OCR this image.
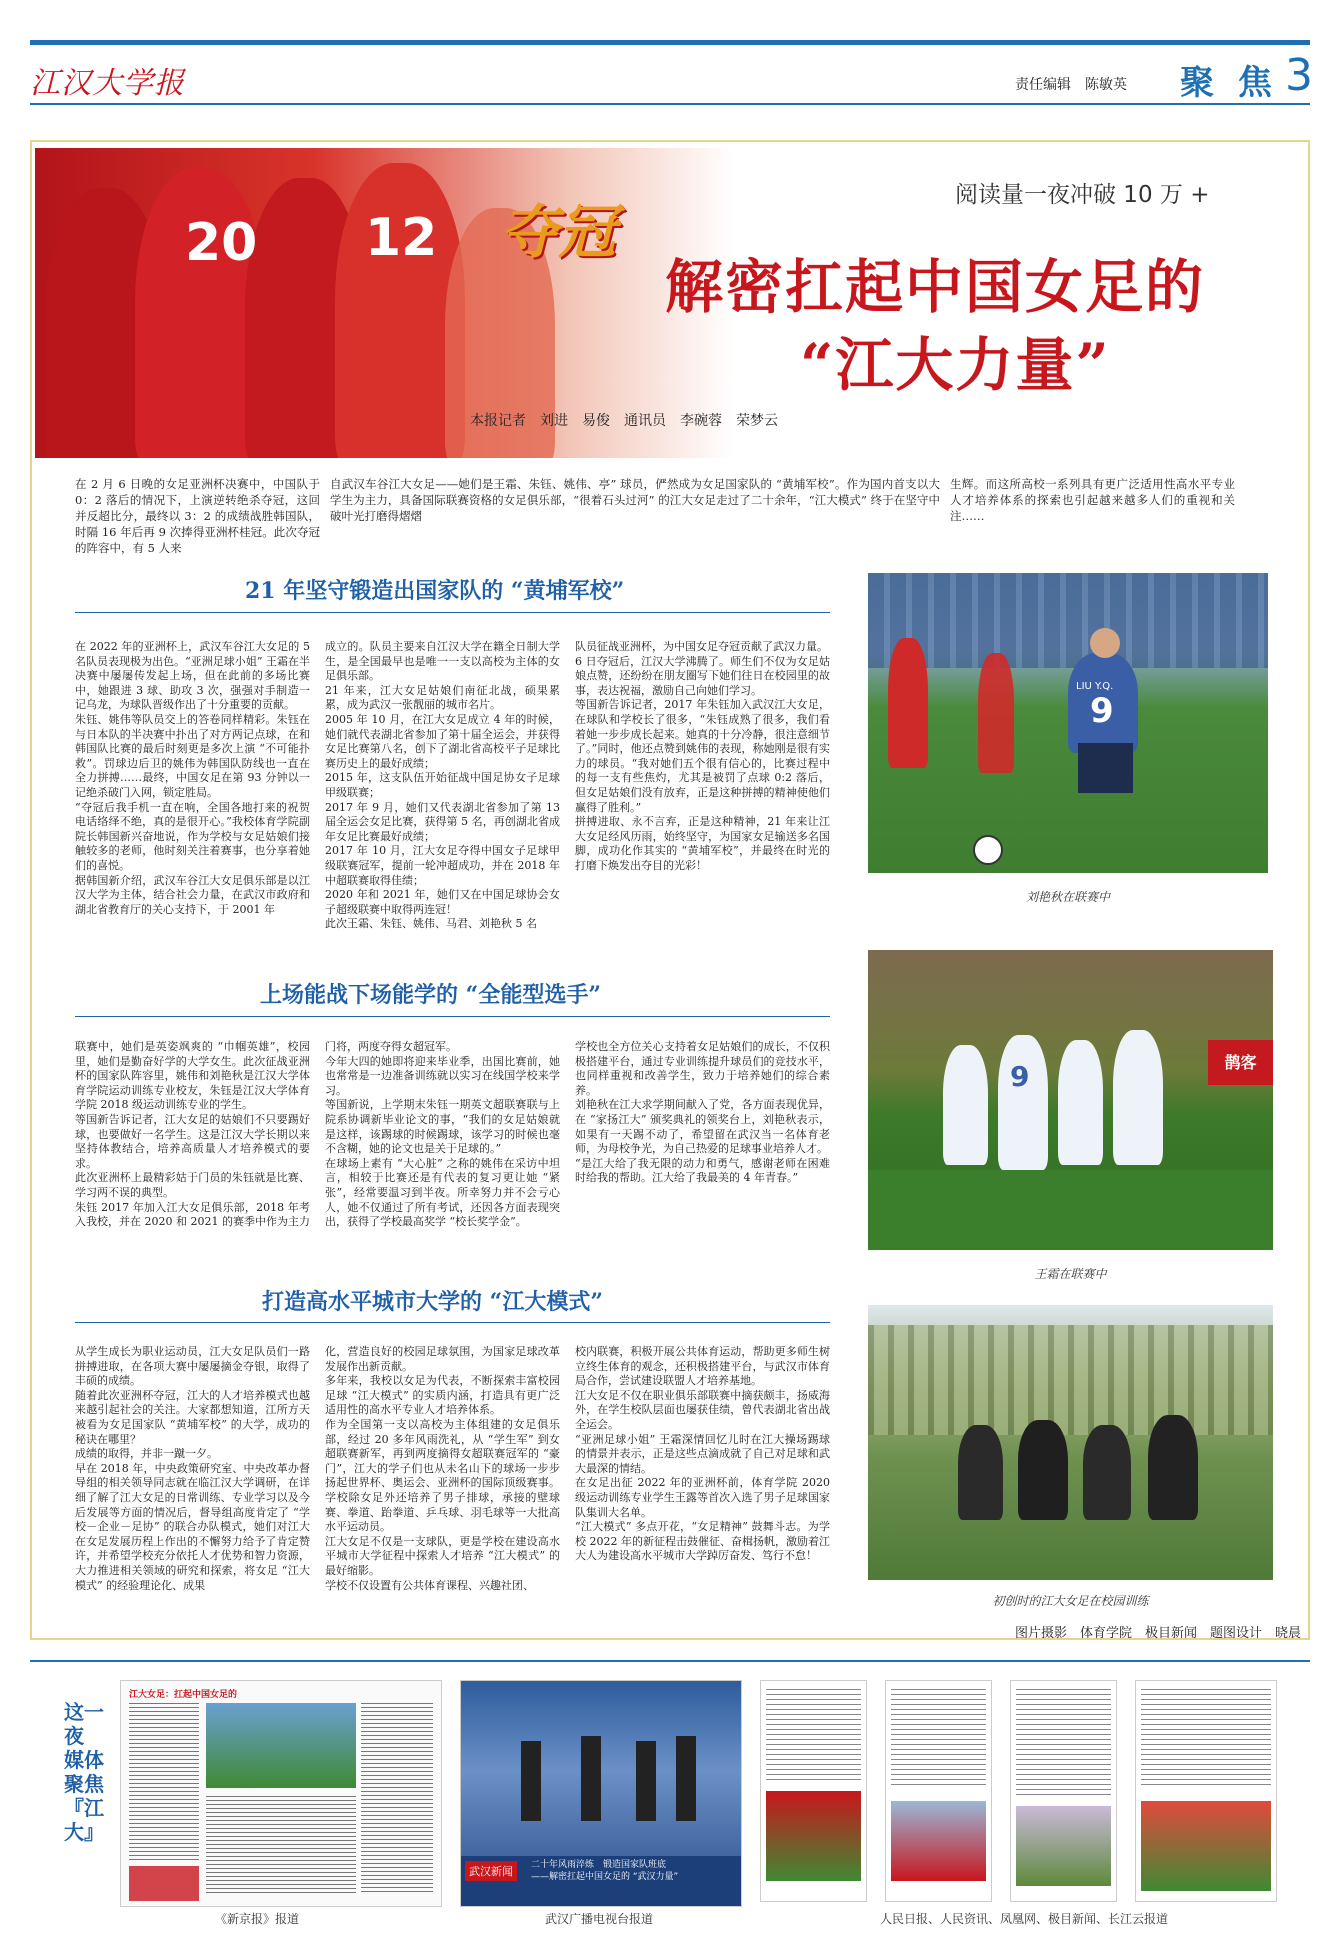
江汉大学报	责任编辑　陈敏英 聚 焦 3
20 12 夺冠
阅读量一夜冲破 10 万 +
解密扛起中国女足的
“江大力量”
本报记者　刘进　易俊　通讯员　李碗蓉　荣梦云
在 2 月 6 日晚的女足亚洲杯决赛中，中国队于 0：2 落后的情况下，上演逆转绝杀夺冠，这回并反超比分，最终以 3：2 的成绩战胜韩国队，时隔 16 年后再 9 次捧得亚洲杯桂冠。此次夺冠的阵容中，有 5 人来
自武汉车谷江大女足——她们是王霜、朱钰、姚伟、亭” 球员，俨然成为女足国家队的 “黄埔军校”。作为国内首支以大学生为主力，具备国际联赛资格的女足俱乐部，“很着石头过河” 的江大女足走过了二十余年，“江大模式” 终于在坚守中破叶光打磨得熠熠
生辉。而这所高校一系列具有更广泛适用性高水平专业人才培养体系的探索也引起越来越多人们的重视和关注……
21 年坚守锻造出国家队的 “黄埔军校”
在 2022 年的亚洲杯上，武汉车谷江大女足的 5 名队员表现极为出色。“亚洲足球小姐” 王霜在半决赛中屡屡传发起上场，但在此前的多场比赛中，她跟进 3 球、助攻 3 次，强强对手制造一记乌龙，为球队晋级作出了十分重要的贡献。
朱钰、姚伟等队员交上的答卷同样精彩。朱钰在与日本队的半决赛中扑出了对方两记点球，在和韩国队比赛的最后时刻更是多次上演 “不可能扑救”。罚球边后卫的姚伟为韩国队防线也一直在全力拼搏……最终，中国女足在第 93 分钟以一记绝杀破门入网，锁定胜局。
“夺冠后我手机一直在响，全国各地打来的祝贺电话络绎不绝，真的是很开心。”我校体育学院副院长韩国新兴奋地说，作为学校与女足姑娘们接触较多的老师，他时刻关注着赛事，也分享着她们的喜悦。
据韩国新介绍，武汉车谷江大女足俱乐部是以江汉大学为主体，结合社会力量，在武汉市政府和湖北省教育厅的关心支持下，于 2001 年
成立的。队员主要来自江汉大学在籍全日制大学生，是全国最早也是唯一一支以高校为主体的女足俱乐部。
21 年来，江大女足姑娘们南征北战，硕果累累，成为武汉一张靓丽的城市名片。
2005 年 10 月，在江大女足成立 4 年的时候，她们就代表湖北省参加了第十届全运会，并获得女足比赛第八名，创下了湖北省高校平子足球比赛历史上的最好成绩；
2015 年，这支队伍开始征战中国足协女子足球甲级联赛；
2017 年 9 月，她们又代表湖北省参加了第 13 届全运会女足比赛，获得第 5 名，再创湖北省成年女足比赛最好成绩；
2017 年 10 月，江大女足夺得中国女子足球甲级联赛冠军，提前一轮冲超成功，并在 2018 年中超联赛取得佳绩；
2020 年和 2021 年，她们又在中国足球协会女子超级联赛中取得两连冠！
此次王霜、朱钰、姚伟、马君、刘艳秋 5 名
队员征战亚洲杯，为中国女足夺冠贡献了武汉力量。
6 日夺冠后，江汉大学沸腾了。师生们不仅为女足姑娘点赞，还纷纷在朋友圈写下她们往日在校园里的故事，表达祝福，激励自己向她们学习。
等国新告诉记者，2017 年朱钰加入武汉江大女足，在球队和学校长了很多，“朱钰成熟了很多，我们看着她一步步成长起来。她真的十分冷静，很注意细节了。”同时，他还点赞到姚伟的表现，称她刚是很有实力的球员。“我对她们五个很有信心的，比赛过程中的每一支有些焦灼，尤其是被罚了点球 0:2 落后，但女足姑娘们没有放弃，正是这种拼搏的精神使他们赢得了胜利。”
拼搏进取、永不言弃，正是这种精神，21 年来让江大女足经风历雨，始终坚守，为国家女足输送多名国脚，成功化作其实的 “黄埔军校”，并最终在时光的打磨下焕发出夺目的光彩！
LIU Y.Q.
9
刘艳秋在联赛中
上场能战下场能学的 “全能型选手”
联赛中，她们是英姿飒爽的 “巾帼英雄”，校园里，她们是勤奋好学的大学女生。此次征战亚洲杯的国家队阵容里，姚伟和刘艳秋是江汉大学体育学院运动训练专业校友，朱钰是江汉大学体育学院 2018 级运动训练专业的学生。
等国新告诉记者，江大女足的姑娘们不只要踢好球，也要做好一名学生。这是江汉大学长期以来坚持体教结合，培养高质量人才培养模式的要求。
此次亚洲杯上最精彩姑于门员的朱钰就是比赛、学习两不误的典型。
朱钰 2017 年加入江大女足俱乐部，2018 年考入我校，并在 2020 和 2021 的赛季中作为主力
门将，两度夺得女超冠军。
今年大四的她即将迎来毕业季，出国比赛前，她也常常是一边准备训练就以实习在线国学校来学习。
等国新说，上学期末朱钰一期英文超联赛联与上院系协调新毕业论文的事，“我们的女足姑娘就是这样，该踢球的时候踢球，该学习的时候也毫不含糊，她的论文也是关于足球的。”
在球场上素有 “大心脏” 之称的姚伟在采访中坦言，相较于比赛还是有代表的复习更让她 “紧张”，经常要温习到半夜。所幸努力并不会亏心人，她不仅通过了所有考试，还因各方面表现突出，获得了学校最高奖学 “校长奖学金”。
学校也全方位关心支持着女足姑娘们的成长，不仅积极搭建平台，通过专业训练提升球员们的竞技水平，也同样重视和改善学生，致力于培养她们的综合素养。
刘艳秋在江大求学期间献入了党，各方面表现优异，在 “家扬江大” 颁奖典礼的领奖台上，刘艳秋表示，如果有一天踢不动了，希望留在武汉当一名体育老师，为母校争光，为自己热爱的足球事业培养人才。
“是江大给了我无限的动力和勇气，感谢老师在困难时给我的帮助。江大给了我最美的 4 年青春。”
鹊客
9
王霜在联赛中
打造高水平城市大学的 “江大模式”
从学生成长为职业运动员，江大女足队员们一路拼搏进取，在各项大赛中屡屡摘金夺银，取得了丰硕的成绩。
随着此次亚洲杯夺冠，江大的人才培养模式也越来越引起社会的关注。大家都想知道，江所方天被看为女足国家队 “黄埔军校” 的大学，成功的秘诀在哪里？
成绩的取得，并非一蹴一夕。
早在 2018 年，中央政策研究室、中央改革办督导组的相关领导同志就在临江汉大学调研，在详细了解了江大女足的日常训练、专业学习以及今后发展等方面的情况后，督导组高度肯定了 “学校－企业－足协” 的联合办队模式，她们对江大在女足发展历程上作出的不懈努力给予了肯定赞许，并希望学校充分依托人才优势和智力资源，大力推进相关领域的研究和探索，将女足 “江大模式” 的经验理论化、成果
化，营造良好的校园足球氛围，为国家足球改革发展作出新贡献。
多年来，我校以女足为代表，不断探索丰富校园足球 “江大模式” 的实质内涵，打造具有更广泛适用性的高水平专业人才培养体系。
作为全国第一支以高校为主体组建的女足俱乐部，经过 20 多年风雨洗礼，从 “学生军” 到女超联赛新军，再到两度摘得女超联赛冠军的 “豪门”，江大的学子们也从未名山下的球场一步步扬起世界杯、奥运会、亚洲杯的国际顶级赛事。学校除女足外还培养了男子排球，承接的壁球赛、拳道、跆拳道、乒乓球、羽毛球等一大批高水平运动员。
江大女足不仅是一支球队，更是学校在建设高水平城市大学征程中探索人才培养 “江大模式” 的最好缩影。
学校不仅设置有公共体育课程、兴趣社团、
校内联赛，积极开展公共体育运动，帮助更多师生树立终生体育的观念，还积极搭建平台，与武汉市体育局合作，尝试建设联盟人才培养基地。
江大女足不仅在职业俱乐部联赛中摘获颇丰，扬威海外，在学生校队层面也屡获佳绩，曾代表湖北省出战全运会。
“亚洲足球小姐” 王霜深情回忆儿时在江大操场踢球的情景并表示，正是这些点滴成就了自己对足球和武大最深的情结。
在女足出征 2022 年的亚洲杯前，体育学院 2020 级运动训练专业学生王露等首次入选了男子足球国家队集训大名单。
“江大模式” 多点开花，“女足精神” 鼓舞斗志。为学校 2022 年的新征程击鼓催征、奋楫扬帆，激励着江大人为建设高水平城市大学踔厉奋发、笃行不怠！
初创时的江大女足在校园训练
图片摄影　体育学院　极目新闻　题图设计　晓晨
这一夜　媒体聚焦 『江大』
江大女足：扛起中国女足的
《新京报》报道
武汉新闻	二十年风雨淬炼　锻造国家队班底
——解密扛起中国女足的 “武汉力量”
武汉广播电视台报道	人民日报、人民资讯、凤凰网、极目新闻、长江云报道
